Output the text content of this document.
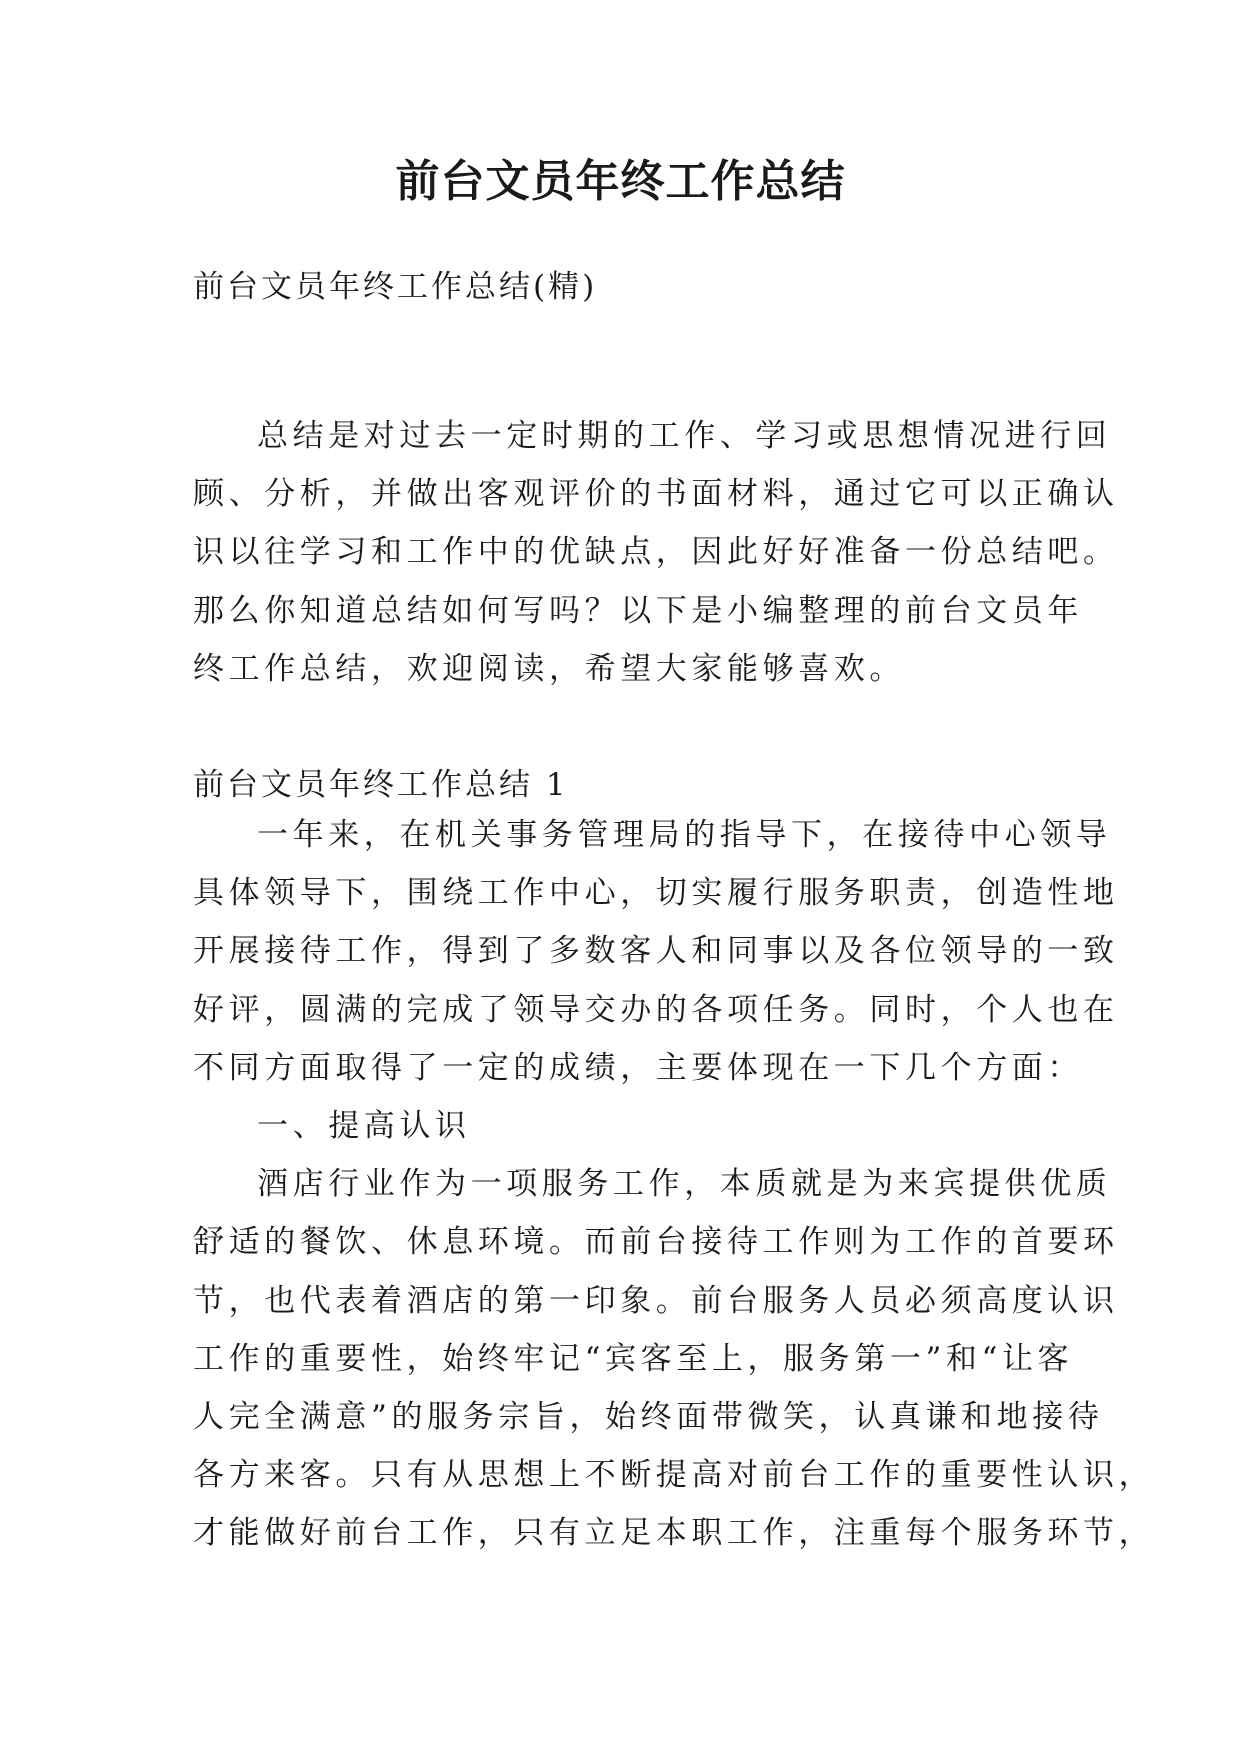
前台文员年终工作总结

前台文员年终工作总结(精)

总结是对过去一定时期的工作、学习或思想情况进行回
顾、分析，并做出客观评价的书面材料，通过它可以正确认
识以往学习和工作中的优缺点，因此好好准备一份总结吧。
那么你知道总结如何写吗？以下是小编整理的前台文员年
终工作总结，欢迎阅读，希望大家能够喜欢。

前台文员年终工作总结 1

一年来，在机关事务管理局的指导下，在接待中心领导
具体领导下，围绕工作中心，切实履行服务职责，创造性地
开展接待工作，得到了多数客人和同事以及各位领导的一致
好评，圆满的完成了领导交办的各项任务。同时，个人也在
不同方面取得了一定的成绩，主要体现在一下几个方面：
一、提高认识
酒店行业作为一项服务工作，本质就是为来宾提供优质
舒适的餐饮、休息环境。而前台接待工作则为工作的首要环
节，也代表着酒店的第一印象。前台服务人员必须高度认识
工作的重要性，始终牢记“宾客至上，服务第一”和“让客
人完全满意”的服务宗旨，始终面带微笑，认真谦和地接待
各方来客。只有从思想上不断提高对前台工作的重要性认识，
才能做好前台工作，只有立足本职工作，注重每个服务环节，
